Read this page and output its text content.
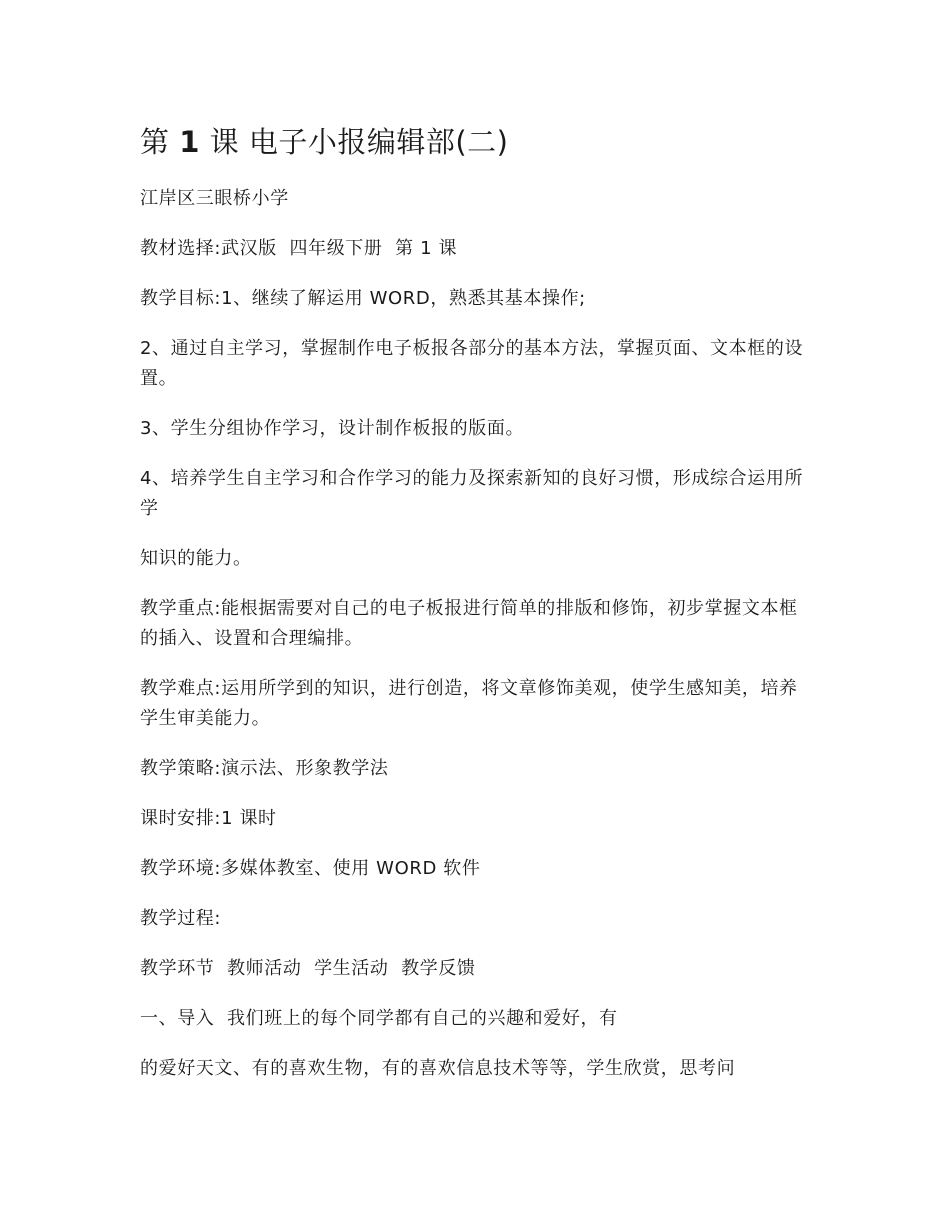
第 1 课 电子小报编辑部(二)

江岸区三眼桥小学

教材选择:武汉版  四年级下册  第 1 课

教学目标:1、继续了解运用 WORD，熟悉其基本操作;

2、通过自主学习，掌握制作电子板报各部分的基本方法，掌握页面、文本框的设置。

3、学生分组协作学习，设计制作板报的版面。

4、培养学生自主学习和合作学习的能力及探索新知的良好习惯，形成综合运用所学

知识的能力。

教学重点:能根据需要对自己的电子板报进行简单的排版和修饰，初步掌握文本框的插入、设置和合理编排。

教学难点:运用所学到的知识，进行创造，将文章修饰美观，使学生感知美，培养学生审美能力。

教学策略:演示法、形象教学法

课时安排:1 课时

教学环境:多媒体教室、使用 WORD 软件

教学过程:

教学环节  教师活动  学生活动  教学反馈

一、导入  我们班上的每个同学都有自己的兴趣和爱好，有

的爱好天文、有的喜欢生物，有的喜欢信息技术等等，学生欣赏，思考问
